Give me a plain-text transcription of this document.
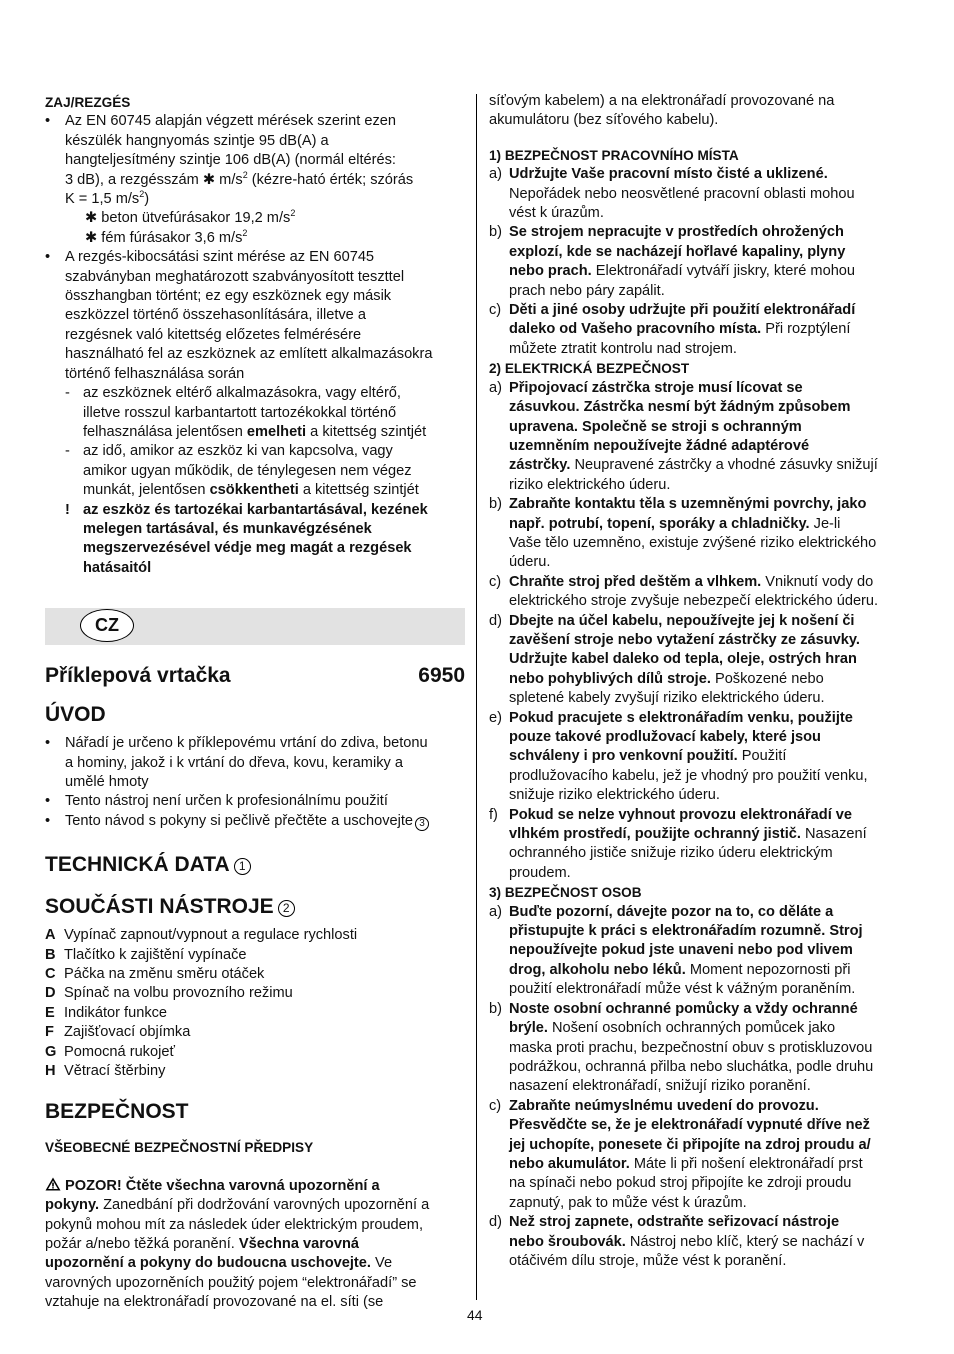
ZAJ/REZGÉS
• Az EN 60745 alapján végzett mérések szerint ezen
készülék hangnyomás szintje 95 dB(A) a
hangteljesítmény szintje 106 dB(A) (normál eltérés:
3 dB), a rezgésszám ✱ $m/s^2$ (kézre-ható érték; szórás
K = 1,5 $m/s^2$)
✱ beton ütvefúrásakor 19,2 $m/s^2$
✱ fém fúrásakor 3,6 $m/s^2$
• A rezgés-kibocsátási szint mérése az EN 60745
szabványban meghatározott szabványosított teszttel
összhangban történt; ez egy eszköznek egy másik
eszközzel történő összehasonlítására, illetve a
rezgésnek való kitettség előzetes felmérésére
használható fel az eszköznek az említett alkalmazásokra
történő felhasználása során
- az eszköznek eltérő alkalmazásokra, vagy eltérő,
illetve rosszul karbantartott tartozékokkal történő
felhasználása jelentősen emelheti a kitettség szintjét
- az idő, amikor az eszköz ki van kapcsolva, vagy
amikor ugyan működik, de ténylegesen nem végez
munkát, jelentősen csökkentheti a kitettség szintjét
! az eszköz és tartozékai karbantartásával, kezének
melegen tartásával, és munkavégzésének
megszervezésével védje meg magát a rezgések
hatásaitól
CZ
Příklepová vrtačka	6950
ÚVOD
• Nářadí je určeno k příklepovému vrtání do zdiva, betonu
a hominy, jakož i k vrtání do dřeva, kovu, keramiky a
umělé hmoty
• Tento nástroj není určen k profesionálnímu použití
• Tento návod s pokyny si pečlivě přečtěte a uschovejte 3
TECHNICKÁ DATA 1
SOUČÁSTI NÁSTROJE 2
A Vypínač zapnout/vypnout a regulace rychlosti
B Tlačítko k zajištění vypínače
C Páčka na změnu směru otáček
D Spínač na volbu provozního režimu
E Indikátor funkce
F Zajišťovací objímka
G Pomocná rukojeť
H Větrací štěrbiny
BEZPEČNOST
VŠEOBECNÉ BEZPEČNOSTNÍ PŘEDPISY
POZOR! Čtěte všechna varovná upozornění a
pokyny. Zanedbání při dodržování varovných upozornění a
pokynů mohou mít za následek úder elektrickým proudem,
požár a/nebo těžká poranění. Všechna varovná
upozornění a pokyny do budoucna uschovejte. Ve
varovných upozorněních použitý pojem “elektronářadí” se
vztahuje na elektronářadí provozované na el. síti (se
síťovým kabelem) a na elektronářadí provozované na
akumulátoru (bez síťového kabelu).
1) BEZPEČNOST PRACOVNÍHO MÍSTA
a) Udržujte Vaše pracovní místo čisté a uklizené.
Nepořádek nebo neosvětlené pracovní oblasti mohou
vést k úrazům.
b) Se strojem nepracujte v prostředích ohrožených
explozí, kde se nacházejí hořlavé kapaliny, plyny
nebo prach. Elektronářadí vytváří jiskry, které mohou
prach nebo páry zapálit.
c) Děti a jiné osoby udržujte při použití elektronářadí
daleko od Vašeho pracovního místa. Při rozptýlení
můžete ztratit kontrolu nad strojem.
2) ELEKTRICKÁ BEZPEČNOST
a) Připojovací zástrčka stroje musí lícovat se
zásuvkou. Zástrčka nesmí být žádným způsobem
upravena. Společně se stroji s ochranným
uzemněním nepoužívejte žádné adaptérové
zástrčky. Neupravené zástrčky a vhodné zásuvky snižují
riziko elektrického úderu.
b) Zabraňte kontaktu těla s uzemněnými povrchy, jako
např. potrubí, topení, sporáky a chladničky. Je-li
Vaše tělo uzemněno, existuje zvýšené riziko elektrického
úderu.
c) Chraňte stroj před deštěm a vlhkem. Vniknutí vody do
elektrického stroje zvyšuje nebezpečí elektrického úderu.
d) Dbejte na účel kabelu, nepoužívejte jej k nošení či
zavěšení stroje nebo vytažení zástrčky ze zásuvky.
Udržujte kabel daleko od tepla, oleje, ostrých hran
nebo pohyblivých dílů stroje. Poškozené nebo
spletené kabely zvyšují riziko elektrického úderu.
e) Pokud pracujete s elektronářadím venku, použijte
pouze takové prodlužovací kabely, které jsou
schváleny i pro venkovní použití. Použití
prodlužovacího kabelu, jež je vhodný pro použití venku,
snižuje riziko elektrického úderu.
f) Pokud se nelze vyhnout provozu elektronářadí ve
vlhkém prostředí, použijte ochranný jistič. Nasazení
ochranného jističe snižuje riziko úderu elektrickým
proudem.
3) BEZPEČNOST OSOB
a) Buďte pozorní, dávejte pozor na to, co děláte a
přistupujte k práci s elektronářadím rozumně. Stroj
nepoužívejte pokud jste unaveni nebo pod vlivem
drog, alkoholu nebo léků. Moment nepozornosti při
použití elektronářadí může vést k vážným poraněním.
b) Noste osobní ochranné pomůcky a vždy ochranné
brýle. Nošení osobních ochranných pomůcek jako
maska proti prachu, bezpečnostní obuv s protiskluzovou
podrážkou, ochranná přilba nebo sluchátka, podle druhu
nasazení elektronářadí, snižují riziko poranění.
c) Zabraňte neúmyslnému uvedení do provozu.
Přesvědčte se, že je elektronářadí vypnuté dříve než
jej uchopíte, ponesete či připojíte na zdroj proudu a/
nebo akumulátor. Máte li při nošení elektronářadí prst
na spínači nebo pokud stroj připojíte ke zdroji proudu
zapnutý, pak to může vést k úrazům.
d) Než stroj zapnete, odstraňte seřizovací nástroje
nebo šroubovák. Nástroj nebo klíč, který se nachází v
otáčivém dílu stroje, může vést k poranění.
44
